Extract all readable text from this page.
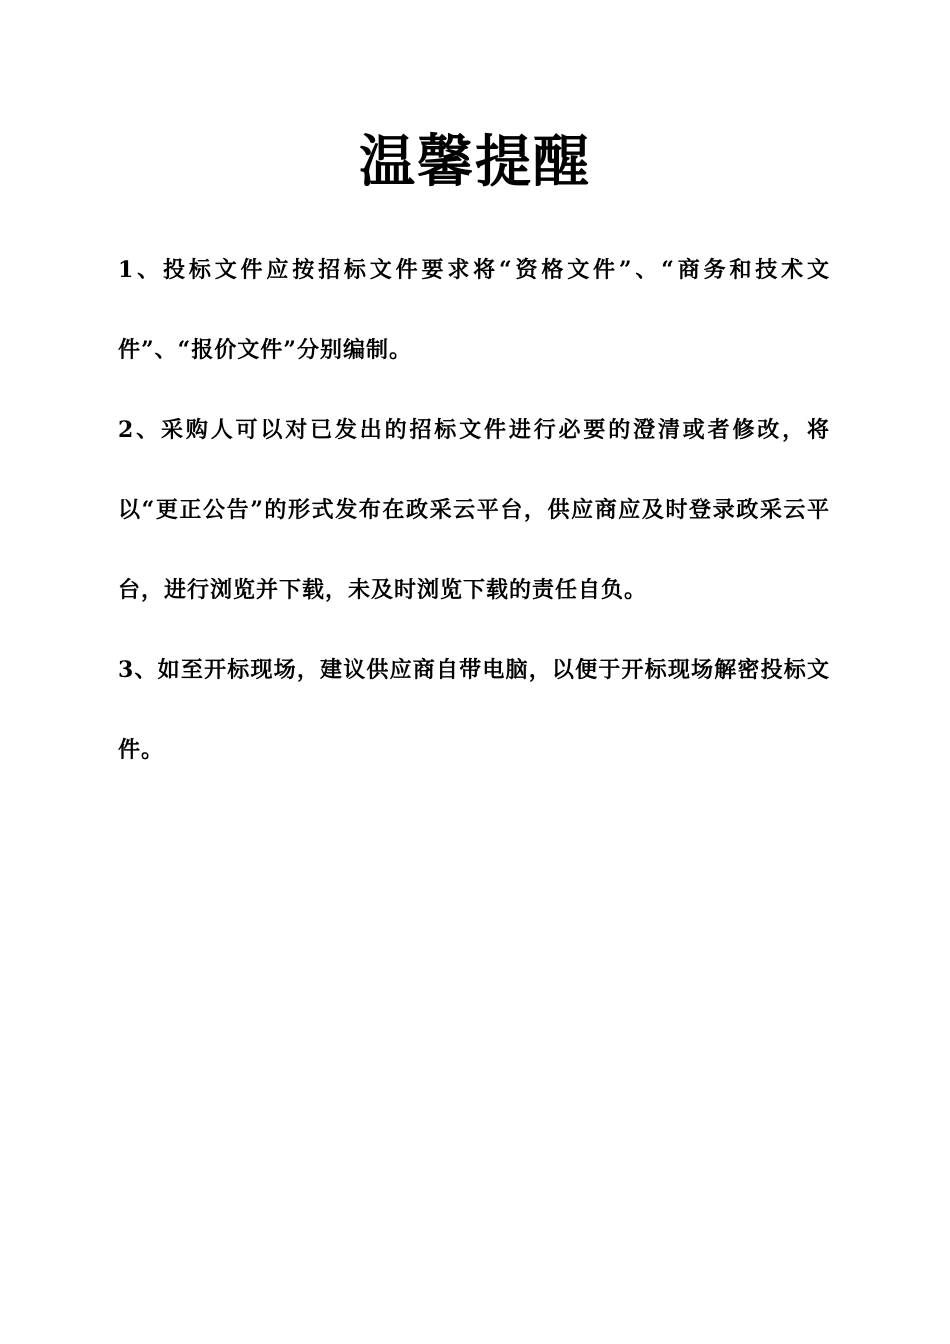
温馨提醒

1、投标文件应按招标文件要求将“资格文件”、“商务和技术文件”、“报价文件”分别编制。

2、采购人可以对已发出的招标文件进行必要的澄清或者修改，将以“更正公告”的形式发布在政采云平台，供应商应及时登录政采云平台，进行浏览并下载，未及时浏览下载的责任自负。

3、如至开标现场，建议供应商自带电脑，以便于开标现场解密投标文件。
